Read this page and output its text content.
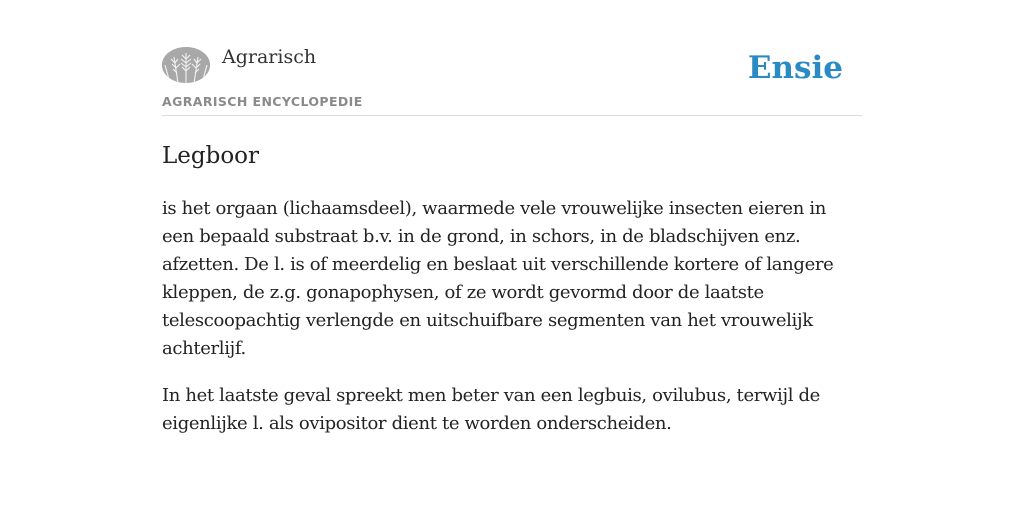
Agrarisch
AGRARISCH ENCYCLOPEDIE
Ensie
Legboor

is het orgaan (lichaamsdeel), waarmede vele vrouwelijke insecten eieren in een bepaald substraat b.v. in de grond, in schors, in de bladschijven enz. afzetten. De l. is of meerdelig en beslaat uit verschillende kortere of langere kleppen, de z.g. gonapophysen, of ze wordt gevormd door de laatste telescoopachtig verlengde en uitschuifbare segmenten van het vrouwelijk achterlijf.

In het laatste geval spreekt men beter van een legbuis, ovilubus, terwijl de eigenlijke l. als ovipositor dient te worden onderscheiden.
